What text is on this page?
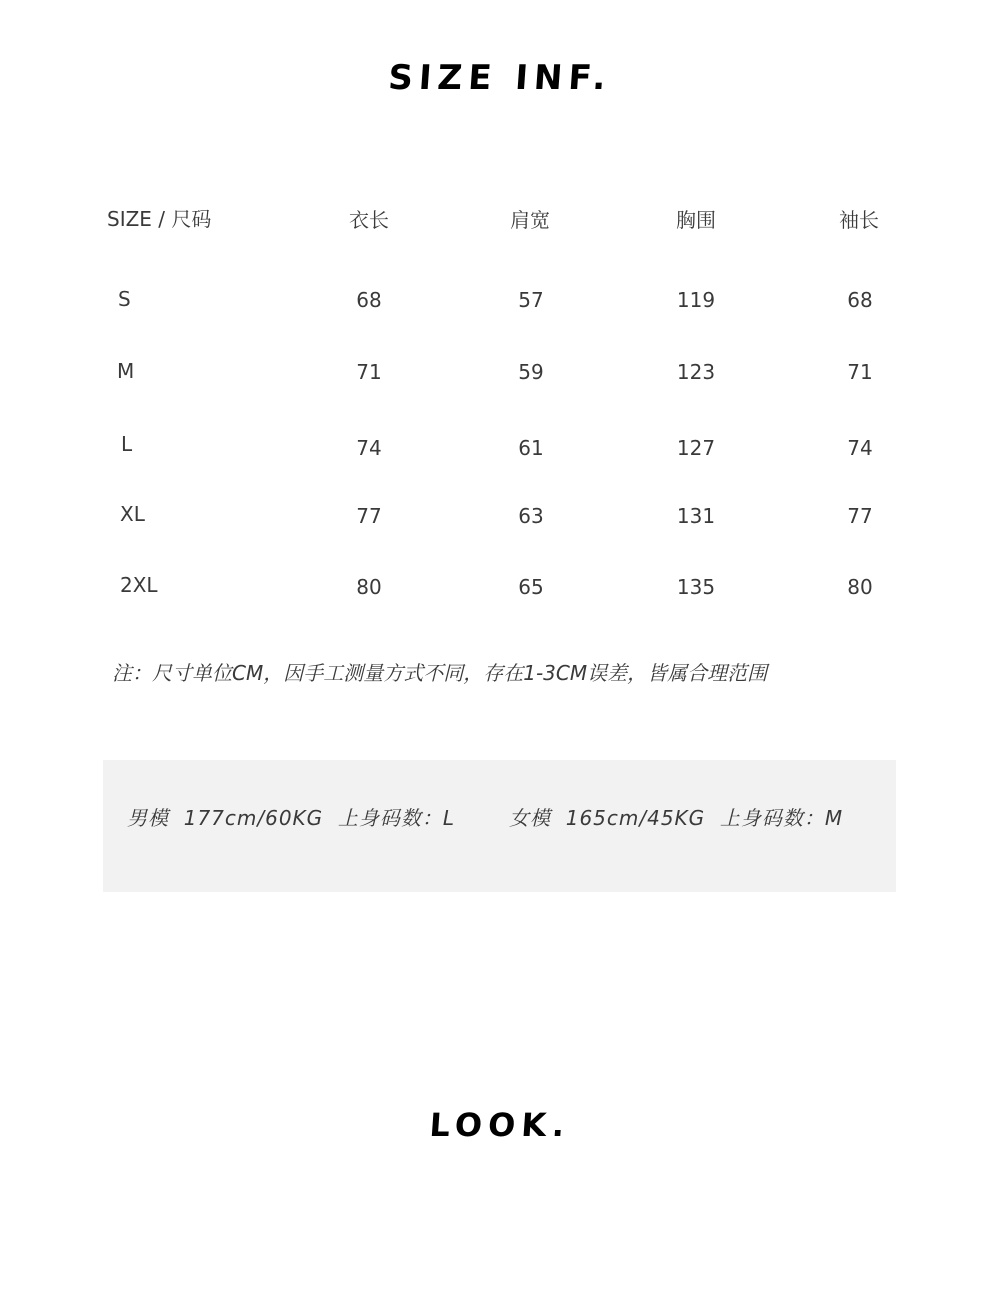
SIZE INF.
SIZE / 尺码	衣长	肩宽	胸围	袖长
S	68	57	119	68
M	71	59	123	71
L	74	61	127	74
XL	77	63	131	77
2XL	80	65	135	80
注：尺寸单位CM，因手工测量方式不同，存在1-3CM误差，皆属合理范围
男模  177cm/60KG  上身码数：L	女模  165cm/45KG  上身码数：M
LOOK.
